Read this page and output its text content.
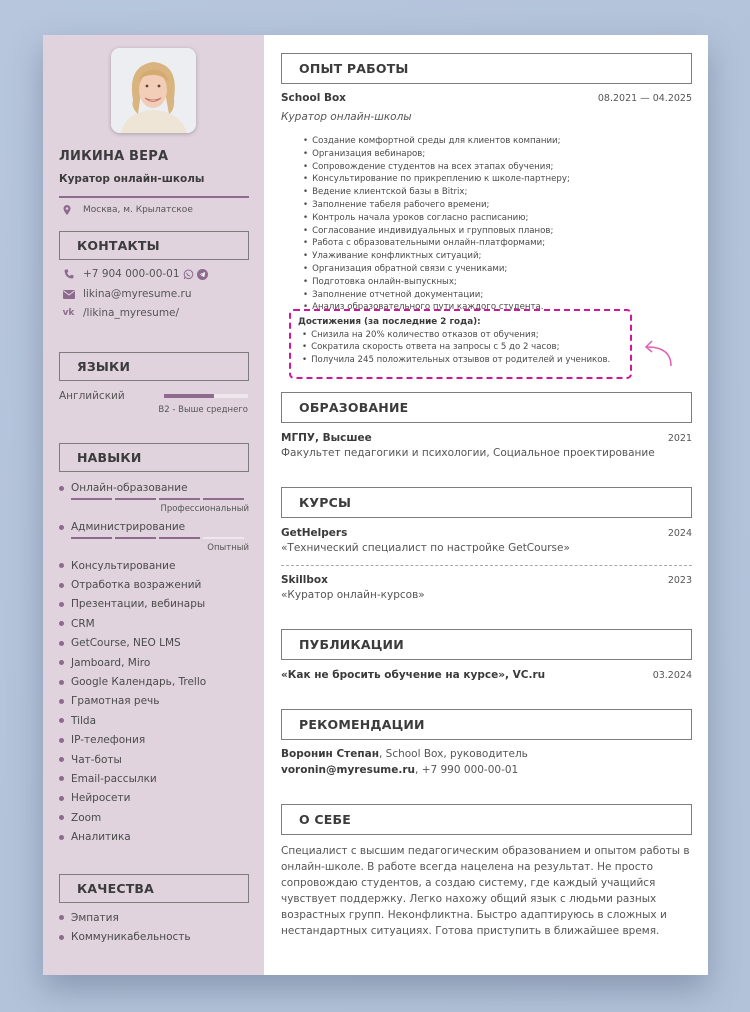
ЛИКИНА ВЕРА
Куратор онлайн-школы
Москва, м. Крылатское
КОНТАКТЫ
+7 904 000-00-01
likina@myresume.ru
vk /likina_myresume/
ЯЗЫКИ
Английский
B2 - Выше среднего
НАВЫКИ
Онлайн-образование
Профессиональный
Администрирование
Опытный
Консультирование
Отработка возражений
Презентации, вебинары
CRM
GetCourse, NEO LMS
Jamboard, Miro
Google Календарь, Trello
Грамотная речь
Tilda
IP-телефония
Чат-боты
Email-рассылки
Нейросети
Zoom
Аналитика
КАЧЕСТВА
Эмпатия
Коммуникабельность
ОПЫТ РАБОТЫ
School Box	08.2021 — 04.2025
Куратор онлайн-школы
• Создание комфортной среды для клиентов компании;
• Организация вебинаров;
• Сопровождение студентов на всех этапах обучения;
• Консультирование по прикреплению к школе-партнеру;
• Ведение клиентской базы в Bitrix;
• Заполнение табеля рабочего времени;
• Контроль начала уроков согласно расписанию;
• Согласование индивидуальных и групповых планов;
• Работа с образовательными онлайн-платформами;
• Улаживание конфликтных ситуаций;
• Организация обратной связи с учениками;
• Подготовка онлайн-выпускных;
• Заполнение отчетной документации;
• Анализ образовательного пути каждого студента.
Достижения (за последние 2 года):
• Снизила на 20% количество отказов от обучения;
• Сократила скорость ответа на запросы с 5 до 2 часов;
• Получила 245 положительных отзывов от родителей и учеников.
ОБРАЗОВАНИЕ
МГПУ, Высшее	2021
Факультет педагогики и психологии, Социальное проектирование
КУРСЫ
GetHelpers	2024
«Технический специалист по настройке GetCourse»
Skillbox	2023
«Куратор онлайн-курсов»
ПУБЛИКАЦИИ
«Как не бросить обучение на курсе», VC.ru	03.2024
РЕКОМЕНДАЦИИ
Воронин Степан, School Box, руководитель
voronin@myresume.ru, +7 990 000-00-01
О СЕБЕ
Специалист с высшим педагогическим образованием и опытом работы в онлайн-школе. В работе всегда нацелена на результат. Не просто сопровождаю студентов, а создаю систему, где каждый учащийся чувствует поддержку. Легко нахожу общий язык с людьми разных возрастных групп. Неконфликтна. Быстро адаптируюсь в сложных и нестандартных ситуациях. Готова приступить в ближайшее время.
